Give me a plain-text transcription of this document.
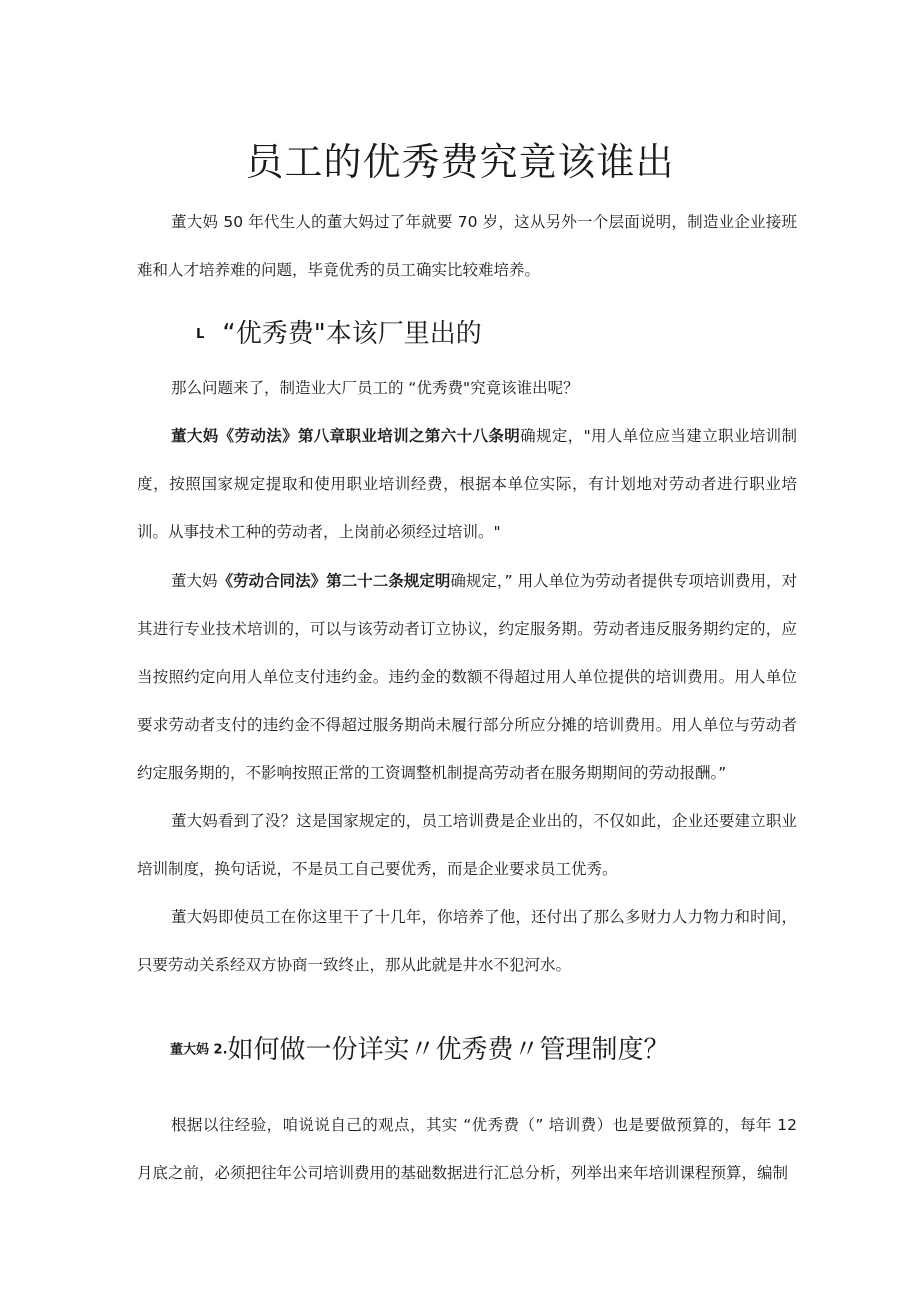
员工的优秀费究竟该谁出

董大妈 50 年代生人的董大妈过了年就要 70 岁，这从另外一个层面说明，制造业企业接班难和人才培养难的问题，毕竟优秀的员工确实比较难培养。

L “优秀费"本该厂里出的

那么问题来了，制造业大厂员工的 “优秀费"究竟该谁出呢？

董大妈《劳动法》第八章职业培训之第六十八条明确规定，"用人单位应当建立职业培训制度，按照国家规定提取和使用职业培训经费，根据本单位实际，有计划地对劳动者进行职业培训。从事技术工种的劳动者，上岗前必须经过培训。"

董大妈《劳动合同法》第二十二条规定明确规定，” 用人单位为劳动者提供专项培训费用，对其进行专业技术培训的，可以与该劳动者订立协议，约定服务期。劳动者违反服务期约定的，应当按照约定向用人单位支付违约金。违约金的数额不得超过用人单位提供的培训费用。用人单位要求劳动者支付的违约金不得超过服务期尚未履行部分所应分摊的培训费用。用人单位与劳动者约定服务期的，不影响按照正常的工资调整机制提高劳动者在服务期期间的劳动报酬。”

董大妈看到了没？这是国家规定的，员工培训费是企业出的，不仅如此，企业还要建立职业培训制度，换句话说，不是员工自己要优秀，而是企业要求员工优秀。

董大妈即使员工在你这里干了十几年，你培养了他，还付出了那么多财力人力物力和时间，只要劳动关系经双方协商一致终止，那从此就是井水不犯河水。

董大妈 2.如何做一份详实〃优秀费〃管理制度？

根据以往经验，咱说说自己的观点，其实 “优秀费（” 培训费）也是要做预算的，每年 12 月底之前，必须把往年公司培训费用的基础数据进行汇总分析，列举出来年培训课程预算，编制
